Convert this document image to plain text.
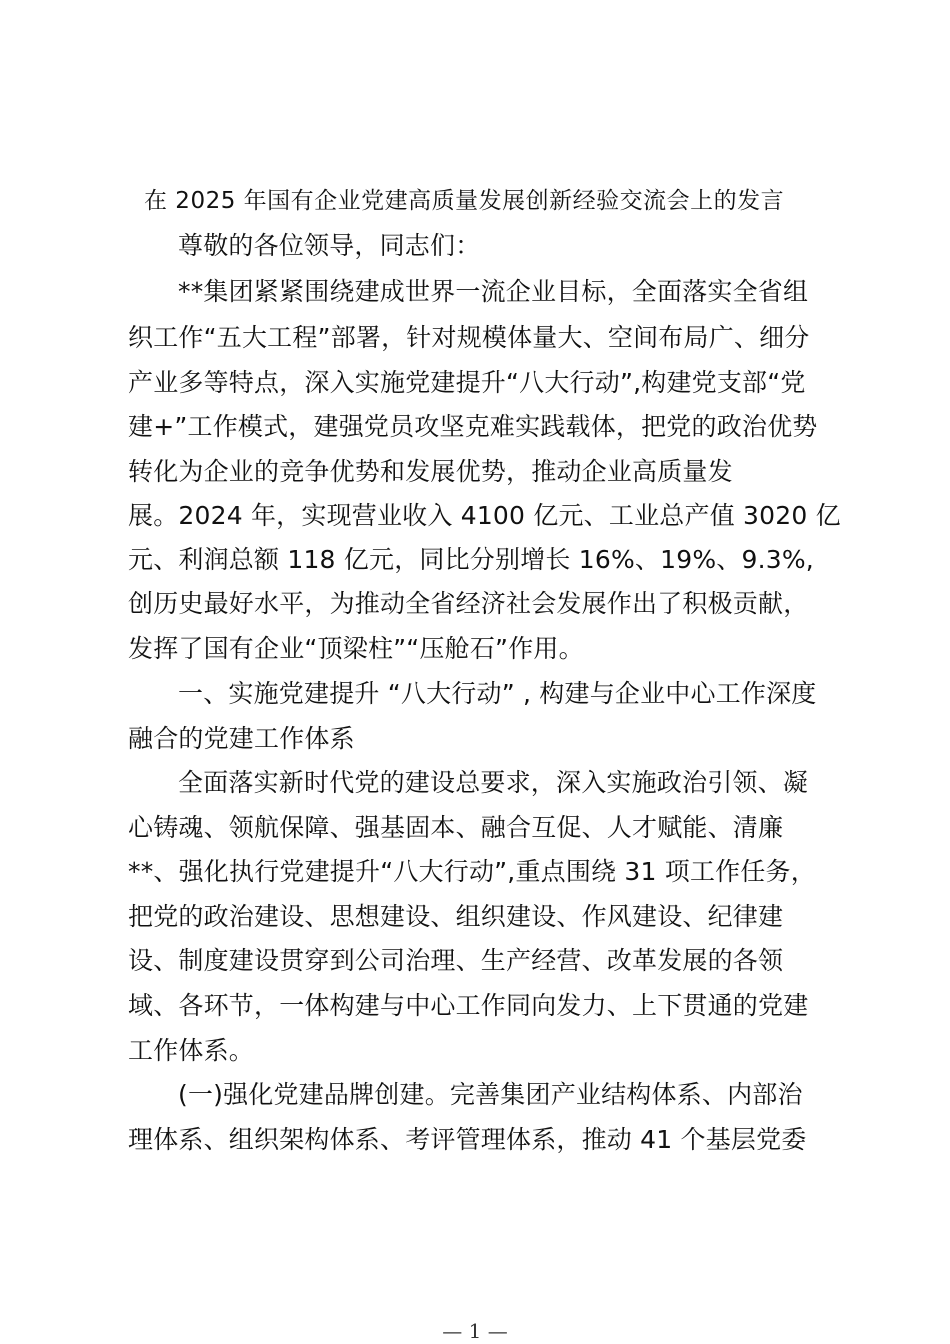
在 2025 年国有企业党建高质量发展创新经验交流会上的发言
尊敬的各位领导，同志们：
**集团紧紧围绕建成世界一流企业目标，全面落实全省组
织工作“五大工程”部署，针对规模体量大、空间布局广、细分
产业多等特点，深入实施党建提升“八大行动”,构建党支部“党
建+”工作模式，建强党员攻坚克难实践载体，把党的政治优势
转化为企业的竞争优势和发展优势，推动企业高质量发
展。2024 年，实现营业收入 4100 亿元、工业总产值 3020 亿
元、利润总额 118 亿元，同比分别增长 16%、19%、9.3%,
创历史最好水平，为推动全省经济社会发展作出了积极贡献，
发挥了国有企业“顶梁柱”“压舱石”作用。
一、实施党建提升 “八大行动” , 构建与企业中心工作深度
融合的党建工作体系
全面落实新时代党的建设总要求，深入实施政治引领、凝
心铸魂、领航保障、强基固本、融合互促、人才赋能、清廉
**、强化执行党建提升“八大行动”,重点围绕 31 项工作任务，
把党的政治建设、思想建设、组织建设、作风建设、纪律建
设、制度建设贯穿到公司治理、生产经营、改革发展的各领
域、各环节，一体构建与中心工作同向发力、上下贯通的党建
工作体系。
(一)强化党建品牌创建。完善集团产业结构体系、内部治
理体系、组织架构体系、考评管理体系，推动 41 个基层党委
— 1 —
